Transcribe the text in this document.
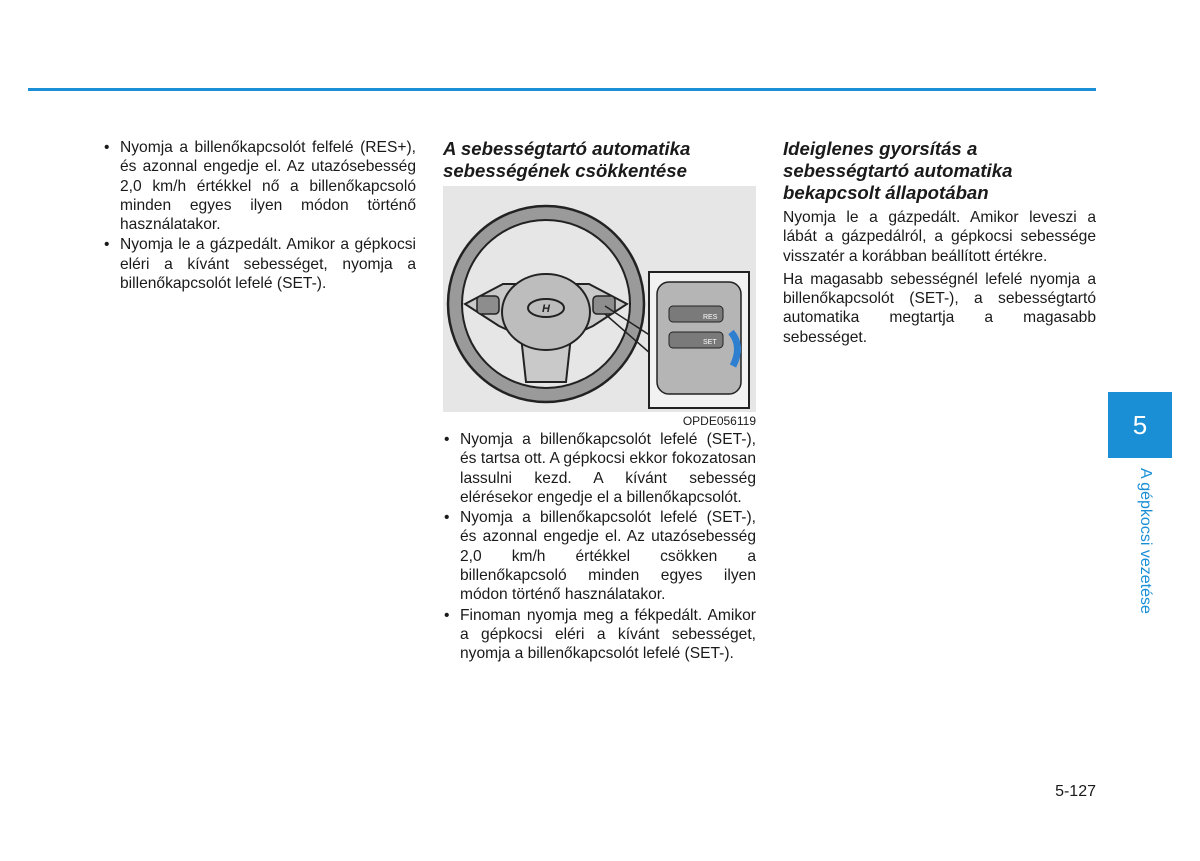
• Nyomja a billenőkapcsolót felfelé (RES+), és azonnal engedje el. Az utazósebesség 2,0 km/h értékkel nő a billenőkapcsoló minden egyes ilyen módon történő használatakor.
• Nyomja le a gázpedált. Amikor a gépkocsi eléri a kívánt sebességet, nyomja a billenőkapcsolót lefelé (SET-).
A sebességtartó automatika sebességének csökkentése
H
RES
SET
OPDE056119
• Nyomja a billenőkapcsolót lefelé (SET-), és tartsa ott. A gépkocsi ekkor fokozatosan lassulni kezd. A kívánt sebesség elérésekor engedje el a billenőkapcsolót.
• Nyomja a billenőkapcsolót lefelé (SET-), és azonnal engedje el. Az utazósebesség 2,0 km/h értékkel csökken a billenőkapcsoló minden egyes ilyen módon történő használatakor.
• Finoman nyomja meg a fékpedált. Amikor a gépkocsi eléri a kívánt sebességet, nyomja a billenőkapcsolót lefelé (SET-).
Ideiglenes gyorsítás a sebességtartó automatika bekapcsolt állapotában

Nyomja le a gázpedált. Amikor leveszi a lábát a gázpedálról, a gépkocsi sebessége visszatér a korábban beállított értékre.

Ha magasabb sebességnél lefelé nyomja a billenőkapcsolót (SET-), a sebességtartó automatika megtartja a magasabb sebességet.

5
A gépkocsi vezetése
5-127
